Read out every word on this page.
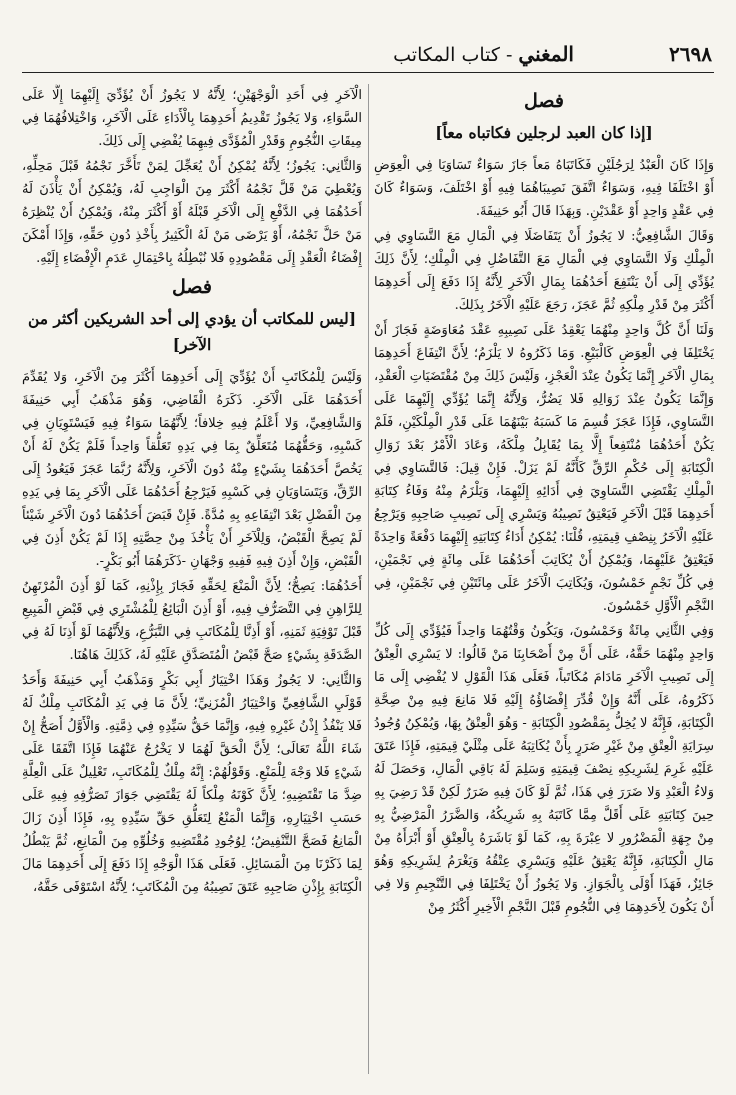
٢٦٩٨
المغني - كتاب المكاتب
فصل
[إذا كان العبد لرجلين فكاتباه معاً]

وَإِذَا كَانَ الْعَبْدُ لِرَجُلَيْنِ فَكَاتَبَاهُ مَعاً جَازَ سَوَاءٌ تَسَاوَيَا فِي الْعِوَضِ أَوْ اخْتَلَفَا فِيهِ، وَسَوَاءٌ اتَّفَقَ نَصِيبَاهُمَا فِيهِ أَوْ اخْتَلَفَ، وَسَوَاءٌ كَانَ فِي عَقْدٍ وَاحِدٍ أَوْ عَقْدَيْنِ. وَبِهَذَا قَالَ أَبُو حَنِيفَةَ.

وَقَالَ الشَّافِعِيُّ: لا يَجُوزُ أَنْ يَتَفَاضَلَا فِي الْمَالِ مَعَ التَّسَاوِي فِي الْمِلْكِ وَلَا التَّسَاوِي فِي الْمَالِ مَعَ التَّفَاضُلِ فِي الْمِلْكِ؛ لِأَنَّ ذَلِكَ يُؤَدِّي إِلَى أَنْ يَنْتَفِعَ أَحَدُهُمَا بِمَالِ الْآخَرِ لِأَنَّهُ إِذَا دَفَعَ إِلَى أَحَدِهِمَا أَكْثَرَ مِنْ قَدْرِ مِلْكِهِ ثُمَّ عَجَزَ، رَجَعَ عَلَيْهِ الْآخَرُ بِذَلِكَ.

وَلَنَا أَنَّ كُلَّ وَاحِدٍ مِنْهُمَا يَعْقِدُ عَلَى نَصِيبِهِ عَقْدَ مُعَاوَضَةٍ فَجَازَ أَنْ يَخْتَلِفَا فِي الْعِوَضِ كَالْبَيْعِ. وَمَا ذَكَرُوهُ لا يَلْزَمُ؛ لِأَنَّ انْتِفَاعَ أَحَدِهِمَا بِمَالِ الْآخَرِ إِنَّمَا يَكُونُ عِنْدَ الْعَجْزِ، وَلَيْسَ ذَلِكَ مِنْ مُقْتَضَيَاتِ الْعَقْدِ، وَإِنَّمَا يَكُونُ عِنْدَ زَوَالِهِ فَلا يَضُرُّ، وَلِأَنَّهُ إِنَّمَا يُؤَدِّي إِلَيْهِمَا عَلَى التَّسَاوِي، فَإِذَا عَجَزَ قُسِمَ مَا كَسَبَهُ بَيْنَهُمَا عَلَى قَدْرِ الْمِلْكَيْنِ، فَلَمْ يَكُنْ أَحَدُهُمَا مُنْتَفِعاً إِلَّا بِمَا يُقَابِلُ مِلْكَهُ، وَعَادَ الْأَمْرُ بَعْدَ زَوَالِ الْكِتَابَةِ إِلَى حُكْمِ الرِّقِّ كَأَنَّهُ لَمْ يَزَلْ. فَإِنْ قِيلَ: فَالتَّسَاوِي فِي الْمِلْكِ يَقْتَضِي التَّسَاوِيَ فِي أَدَائِهِ إِلَيْهِمَا، وَيَلْزَمُ مِنْهُ وَفَاءُ كِتَابَةِ أَحَدِهِمَا قَبْلَ الْآخَرِ فَيَعْتِقُ نَصِيبُهُ وَيَسْرِي إِلَى نَصِيبِ صَاحِبِهِ وَيَرْجِعُ عَلَيْهِ الْآخَرُ بِنِصْفِ قِيمَتِهِ، قُلْنَا: يُمْكِنُ أَدَاءُ كِتَابَتِهِ إِلَيْهِمَا دَفْعَةً وَاحِدَةً فَيَعْتِقُ عَلَيْهِمَا، وَيُمْكِنُ أَنْ يُكَاتِبَ أَحَدُهُمَا عَلَى مِائَةٍ فِي نَجْمَيْنِ، فِي كُلِّ نَجْمٍ خَمْسُونَ، وَيُكَاتِبَ الْآخَرُ عَلَى مِائَتَيْنِ فِي نَجْمَيْنِ، فِي النَّجْمِ الْأَوَّلِ خَمْسُونَ.

وَفِي الثَّانِي مِائَةٌ وَخَمْسُونَ، وَيَكُونُ وَقْتُهُمَا وَاحِداً فَيُؤَدِّي إِلَى كُلِّ وَاحِدٍ مِنْهُمَا حَقَّهُ، عَلَى أَنَّ مِنْ أَصْحَابِنَا مَنْ قَالُوا: لا يَسْرِي الْعِتْقُ إِلَى نَصِيبِ الْآخَرِ مَادَامَ مُكَاتَباً، فَعَلَى هَذَا الْقَوْلِ لا يُفْضِي إِلَى مَا ذَكَرُوهُ، عَلَى أَنَّهُ وَإِنْ قُدِّرَ إِفْضَاؤُهُ إِلَيْهِ فَلا مَانِعَ فِيهِ مِنْ صِحَّةِ الْكِتَابَةِ، فَإِنَّهُ لا يُخِلُّ بِمَقْصُودِ الْكِتَابَةِ - وَهُوَ الْعِتْقُ بِهَا، وَيُمْكِنُ وُجُودُ سِرَايَةِ الْعِتْقِ مِنْ غَيْرِ ضَرَرٍ بِأَنْ يُكَاتِبَهُ عَلَى مِثْلَيْ قِيمَتِهِ، فَإِذَا عَتَقَ عَلَيْهِ غَرِمَ لِشَرِيكِهِ نِصْفَ قِيمَتِهِ وَسَلِمَ لَهُ بَاقِي الْمَالِ، وَحَصَلَ لَهُ وَلاءُ الْعَبْدِ وَلا ضَرَرَ فِي هَذَا، ثُمَّ لَوْ كَانَ فِيهِ ضَرَرٌ لَكِنْ قَدْ رَضِيَ بِهِ حِينَ كِتَابَتِهِ عَلَى أَقَلَّ مِمَّا كَاتَبَهُ بِهِ شَرِيكُهُ، وَالضَّرَرُ الْمَرْضِيُّ بِهِ مِنْ جِهَةِ الْمَضْرُورِ لا عِبْرَةَ بِهِ، كَمَا لَوْ بَاشَرَهُ بِالْعِتْقِ أَوْ أَبْرَأَهُ مِنْ مَالِ الْكِتَابَةِ، فَإِنَّهُ يَعْتِقُ عَلَيْهِ وَيَسْرِي عِتْقُهُ وَيَغْرَمُ لِشَرِيكِهِ وَهُوَ جَائِزٌ، فَهَذَا أَوْلَى بِالْجَوَازِ. وَلا يَجُوزُ أَنْ يَخْتَلِفَا فِي التَّنْجِيمِ وَلا فِي أَنْ يَكُونَ لِأَحَدِهِمَا فِي النُّجُومِ قَبْلَ النَّجْمِ الْأَخِيرِ أَكْثَرُ مِنْ

الْآخَرِ فِي أَحَدِ الْوَجْهَيْنِ؛ لِأَنَّهُ لا يَجُوزُ أَنْ يُؤَدِّيَ إِلَيْهِمَا إِلَّا عَلَى السَّوَاءِ، وَلا يَجُوزُ تَقْدِيمُ أَحَدِهِمَا بِالْأَدَاءِ عَلَى الْآخَرِ، وَاخْتِلافُهُمَا فِي مِيقَاتِ النُّجُومِ وَقَدْرِ الْمُؤَدَّى فِيهِمَا يُفْضِي إِلَى ذَلِكَ.

وَالثَّانِي: يَجُوزُ؛ لِأَنَّهُ يُمْكِنُ أَنْ يُعَجِّلَ لِمَنْ تَأَخَّرَ نَجْمُهُ قَبْلَ مَحِلِّهِ، وَيُعْطِيَ مَنْ قَلَّ نَجْمُهُ أَكْثَرَ مِنَ الْوَاجِبِ لَهُ، وَيُمْكِنُ أَنْ يَأْذَنَ لَهُ أَحَدُهُمَا فِي الدَّفْعِ إِلَى الْآخَرِ قَبْلَهُ أَوْ أَكْثَرَ مِنْهُ، وَيُمْكِنُ أَنْ يُنْظِرَهُ مَنْ حَلَّ نَجْمُهُ، أَوْ يَرْضَى مَنْ لَهُ الْكَثِيرُ بِأَخْذِ دُونِ حَقِّهِ، وَإِذَا أَمْكَنَ إِفْضَاءُ الْعَقْدِ إِلَى مَقْصُودِهِ فَلا نُبْطِلُهُ بِاحْتِمَالِ عَدَمِ الْإِفْضَاءِ إِلَيْهِ.

فصل
[ليس للمكاتب أن يؤدي إلى أحد الشريكين أكثر من الآخر]

وَلَيْسَ لِلْمُكَاتَبِ أَنْ يُؤَدِّيَ إِلَى أَحَدِهِمَا أَكْثَرَ مِنَ الْآخَرِ، وَلا يُقَدِّمَ أَحَدَهُمَا عَلَى الْآخَرِ. ذَكَرَهُ الْقَاضِي، وَهُوَ مَذْهَبُ أَبِي حَنِيفَةَ وَالشَّافِعِيِّ، وَلا أَعْلَمُ فِيهِ خِلافاً؛ لِأَنَّهُمَا سَوَاءٌ فِيهِ فَيَسْتَوِيَانِ فِي كَسْبِهِ، وَحَقُّهُمَا مُتَعَلِّقٌ بِمَا فِي يَدِهِ تَعَلُّقاً وَاحِداً فَلَمْ يَكُنْ لَهُ أَنْ يَخُصَّ أَحَدَهُمَا بِشَيْءٍ مِنْهُ دُونَ الْآخَرِ، وَلِأَنَّهُ رُبَّمَا عَجَزَ فَيَعُودُ إِلَى الرِّقِّ، وَيَتَسَاوَيَانِ فِي كَسْبِهِ فَيَرْجِعُ أَحَدُهُمَا عَلَى الْآخَرِ بِمَا فِي يَدِهِ مِنَ الْفَضْلِ بَعْدَ انْتِفَاعِهِ بِهِ مُدَّةً. فَإِنْ قَبَضَ أَحَدُهُمَا دُونَ الْآخَرِ شَيْئاً لَمْ يَصِحَّ الْقَبْضُ، وَلِلْآخَرِ أَنْ يَأْخُذَ مِنْ حِصَّتِهِ إِذَا لَمْ يَكُنْ أَذِنَ فِي الْقَبْضِ، وَإِنْ أَذِنَ فِيهِ فَفِيهِ وَجْهَانِ -ذَكَرَهُمَا أَبُو بَكْرٍ-.

أَحَدُهُمَا: يَصِحُّ؛ لِأَنَّ الْمَنْعَ لِحَقِّهِ فَجَازَ بِإِذْنِهِ، كَمَا لَوْ أَذِنَ الْمُرْتَهِنُ لِلرَّاهِنِ فِي التَّصَرُّفِ فِيهِ، أَوْ أَذِنَ الْبَائِعُ لِلْمُشْتَرِي فِي قَبْضِ الْمَبِيعِ قَبْلَ تَوْفِيَةِ ثَمَنِهِ، أَوْ أَذِنَّا لِلْمُكَاتَبِ فِي التَّبَرُّعِ، وَلِأَنَّهُمَا لَوْ أَذِنَا لَهُ فِي الصَّدَقَةِ بِشَيْءٍ صَحَّ قَبْضُ الْمُتَصَدَّقِ عَلَيْهِ لَهُ، كَذَلِكَ هَاهُنَا.

وَالثَّانِي: لا يَجُوزُ وَهَذَا اخْتِيَارُ أَبِي بَكْرٍ وَمَذْهَبُ أَبِي حَنِيفَةَ وَأَحَدُ قَوْلَيِ الشَّافِعِيِّ وَاخْتِيَارُ الْمُزَنِيِّ؛ لِأَنَّ مَا فِي يَدِ الْمُكَاتَبِ مِلْكٌ لَهُ فَلا يَنْفُذُ إِذْنُ غَيْرِهِ فِيهِ، وَإِنَّمَا حَقُّ سَيِّدِهِ فِي ذِمَّتِهِ. وَالْأَوَّلُ أَصَحُّ إِنْ شَاءَ اللَّهُ تَعَالَى؛ لِأَنَّ الْحَقَّ لَهُمَا لا يَخْرُجُ عَنْهُمَا فَإِذَا اتَّفَقَا عَلَى شَيْءٍ فَلا وَجْهَ لِلْمَنْعِ. وَقَوْلُهُمْ: إِنَّهُ مِلْكٌ لِلْمُكَاتَبِ، تَعْلِيلٌ عَلَى الْعِلَّةِ ضِدَّ مَا تَقْتَضِيهِ؛ لِأَنَّ كَوْنَهُ مِلْكاً لَهُ يَقْتَضِي جَوَازَ تَصَرُّفِهِ فِيهِ عَلَى حَسَبِ اخْتِيَارِهِ، وَإِنَّمَا الْمَنْعُ لِتَعَلُّقِ حَقِّ سَيِّدِهِ بِهِ، فَإِذَا أَذِنَ زَالَ الْمَانِعُ فَصَحَّ التَّنْفِيضُ؛ لِوُجُودِ مُقْتَضِيهِ وَخُلُوِّهِ مِنَ الْمَانِعِ، ثُمَّ يَبْطُلُ لِمَا ذَكَرْنَا مِنَ الْمَسَائِلِ. فَعَلَى هَذَا الْوَجْهِ إِذَا دَفَعَ إِلَى أَحَدِهِمَا مَالَ الْكِتَابَةِ بِإِذْنِ صَاحِبِهِ عَتَقَ نَصِيبُهُ مِنَ الْمُكَاتَبِ؛ لِأَنَّهُ اسْتَوْفَى حَقَّهُ،
